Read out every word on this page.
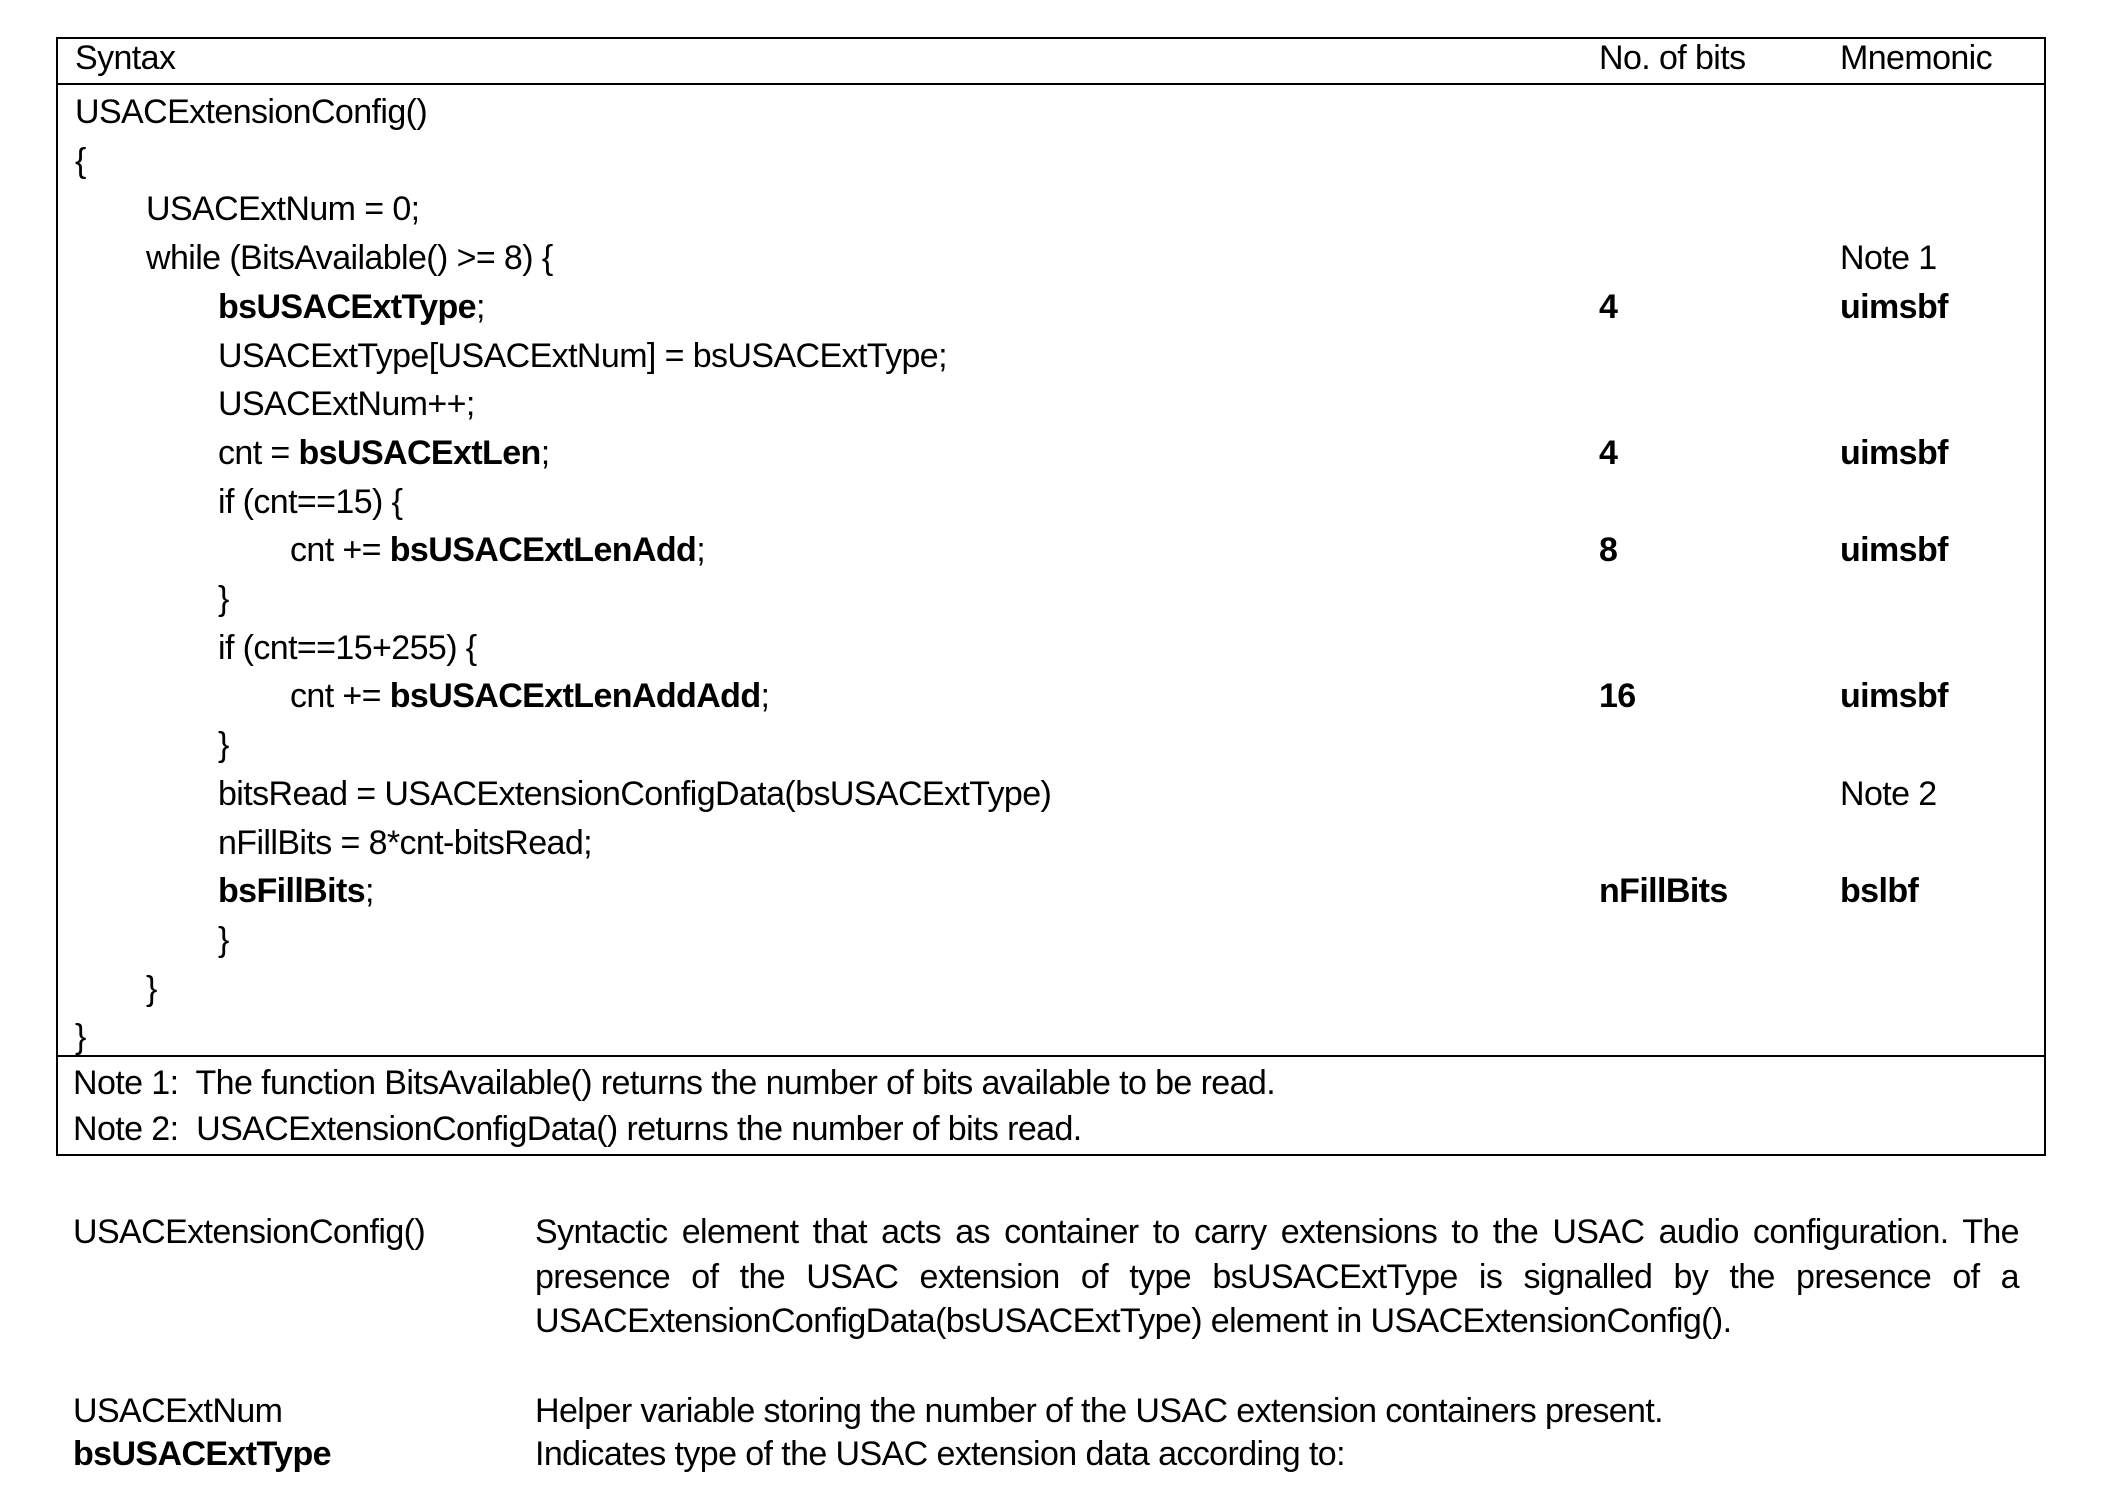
Syntax	No. of bits	Mnemonic
USACExtensionConfig()
{
USACExtNum = 0;
while (BitsAvailable() >= 8) {	Note 1
bsUSACExtType;	4	uimsbf
USACExtType[USACExtNum] = bsUSACExtType;
USACExtNum++;
cnt = bsUSACExtLen;	4	uimsbf
if (cnt==15) {
cnt += bsUSACExtLenAdd;	8	uimsbf
}
if (cnt==15+255) {
cnt += bsUSACExtLenAddAdd;	16	uimsbf
}
bitsRead = USACExtensionConfigData(bsUSACExtType)	Note 2
nFillBits = 8*cnt-bitsRead;
bsFillBits;	nFillBits	bslbf
}
}
}
Note 1:  The function BitsAvailable() returns the number of bits available to be read.
Note 2:  USACExtensionConfigData() returns the number of bits read.
USACExtensionConfig()	Syntactic element that acts as container to carry extensions to the USAC audio configuration. The presence of the USAC extension of type bsUSACExtType is signalled by the presence of a USACExtensionConfigData(bsUSACExtType) element in USACExtensionConfig().
USACExtNum	Helper variable storing the number of the USAC extension containers present.
bsUSACExtType	Indicates type of the USAC extension data according to:
